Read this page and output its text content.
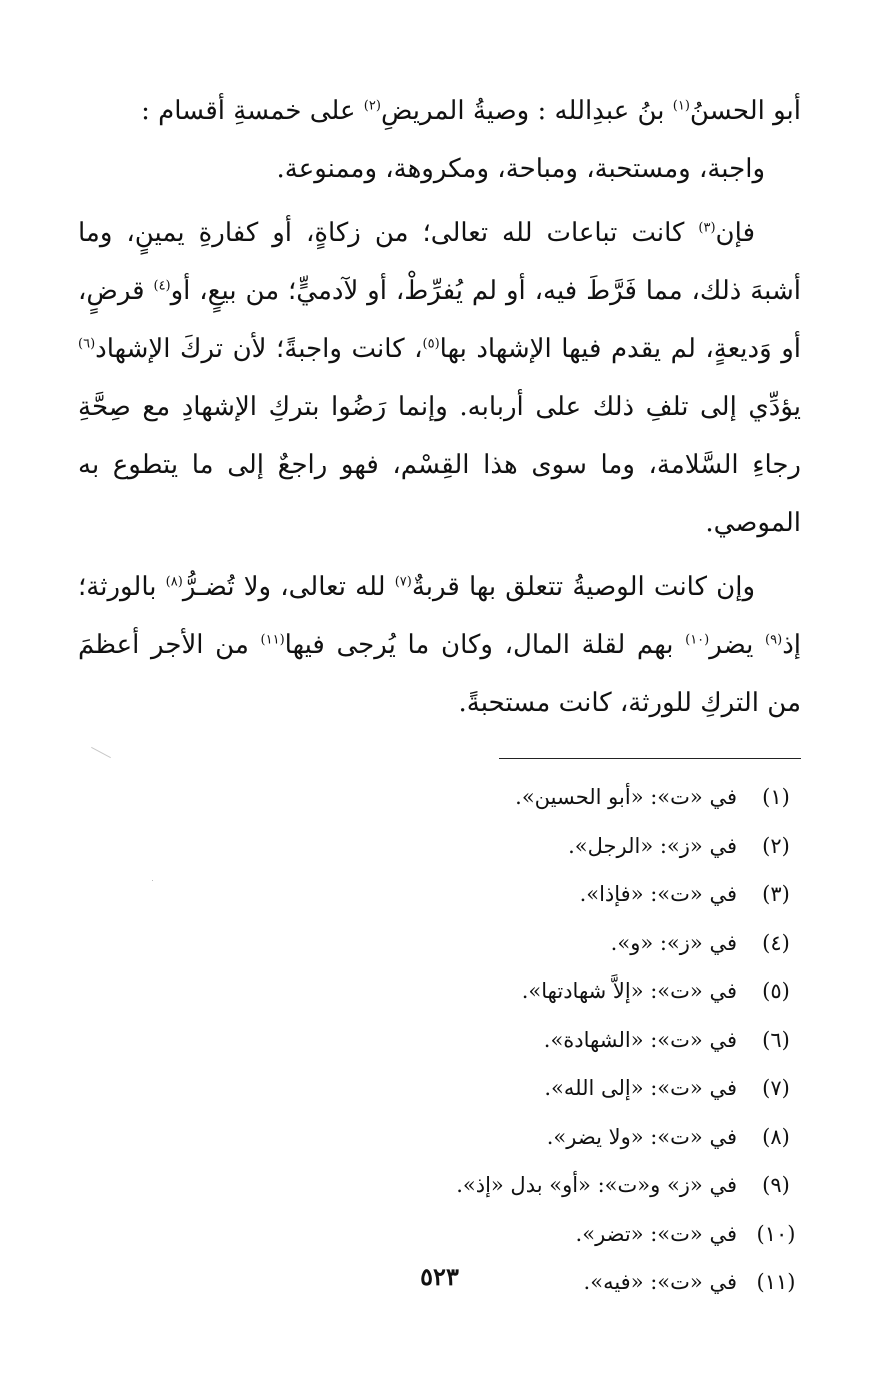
أبو الحسنُ$^{(١)}$ بنُ عبدِالله : وصيةُ المريضِ$^{(٢)}$ على خمسةِ أقسام :

واجبة، ومستحبة، ومباحة، ومكروهة، وممنوعة.

فإن$^{(٣)}$ كانت تباعات لله تعالى؛ من زكاةٍ، أو كفارةِ يمينٍ، وما أشبهَ ذلك، مما فَرَّطَ فيه، أو لم يُفرِّطْ، أو لآدميٍّ؛ من بيعٍ، أو$^{(٤)}$ قرضٍ، أو وَديعةٍ، لم يقدم فيها الإشهاد بها$^{(٥)}$، كانت واجبةً؛ لأن تركَ الإشهاد$^{(٦)}$ يؤدِّي إلى تلفِ ذلك على أربابه. وإنما رَضُوا بتركِ الإشهادِ مع صِحَّةِ رجاءِ السَّلامة، وما سوى هذا القِسْم، فهو راجعٌ إلى ما يتطوع به الموصي.

وإن كانت الوصيةُ تتعلق بها قربةٌ$^{(٧)}$ لله تعالى، ولا تُضـرُّ$^{(٨)}$ بالورثة؛ إذ$^{(٩)}$ يضر$^{(١٠)}$ بهم لقلة المال، وكان ما يُرجى فيها$^{(١١)}$ من الأجر أعظمَ من التركِ للورثة، كانت مستحبةً.

(١)
في «ت»: «أبو الحسين».
(٢)
في «ز»: «الرجل».
(٣)
في «ت»: «فإذا».
(٤)
في «ز»: «و».
(٥)
في «ت»: «إلاَّ شهادتها».
(٦)
في «ت»: «الشهادة».
(٧)
في «ت»: «إلى الله».
(٨)
في «ت»: «ولا يضر».
(٩)
في «ز» و«ت»: «أو» بدل «إذ».
(١٠)
في «ت»: «تضر».
(١١)
في «ت»: «فيه».
٥٢٣
